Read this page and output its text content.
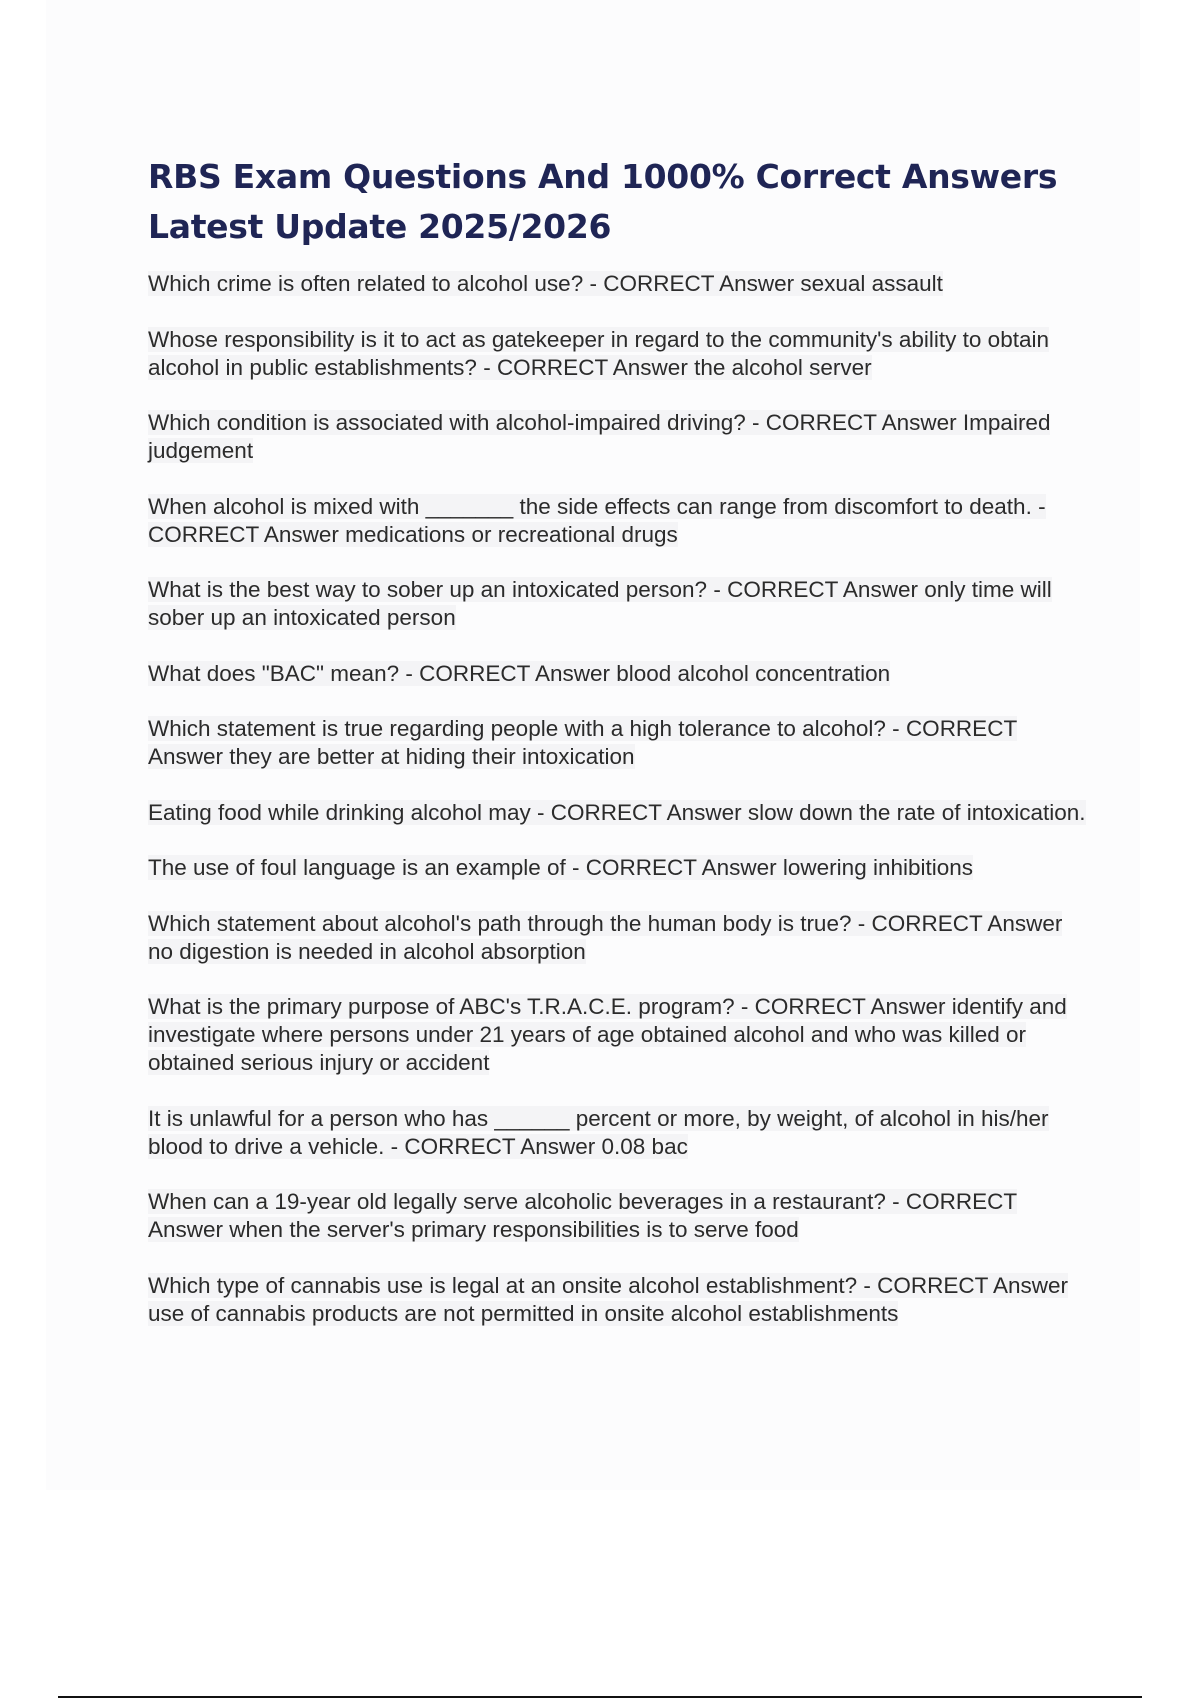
RBS Exam Questions And 1000% Correct Answers
Latest Update 2025/2026
Which crime is often related to alcohol use? - CORRECT Answer sexual assault
Whose responsibility is it to act as gatekeeper in regard to the community's ability to obtain alcohol in public establishments? - CORRECT Answer the alcohol server
Which condition is associated with alcohol-impaired driving? - CORRECT Answer Impaired judgement
When alcohol is mixed with _______ the side effects can range from discomfort to death. - CORRECT Answer medications or recreational drugs
What is the best way to sober up an intoxicated person? - CORRECT Answer only time will sober up an intoxicated person
What does "BAC" mean? - CORRECT Answer blood alcohol concentration
Which statement is true regarding people with a high tolerance to alcohol? - CORRECT Answer they are better at hiding their intoxication
Eating food while drinking alcohol may - CORRECT Answer slow down the rate of intoxication.
The use of foul language is an example of - CORRECT Answer lowering inhibitions
Which statement about alcohol's path through the human body is true? - CORRECT Answer no digestion is needed in alcohol absorption
What is the primary purpose of ABC's T.R.A.C.E. program? - CORRECT Answer identify and investigate where persons under 21 years of age obtained alcohol and who was killed or obtained serious injury or accident
It is unlawful for a person who has ______ percent or more, by weight, of alcohol in his/her blood to drive a vehicle. - CORRECT Answer 0.08 bac
When can a 19-year old legally serve alcoholic beverages in a restaurant? - CORRECT Answer when the server's primary responsibilities is to serve food
Which type of cannabis use is legal at an onsite alcohol establishment? - CORRECT Answer use of cannabis products are not permitted in onsite alcohol establishments
